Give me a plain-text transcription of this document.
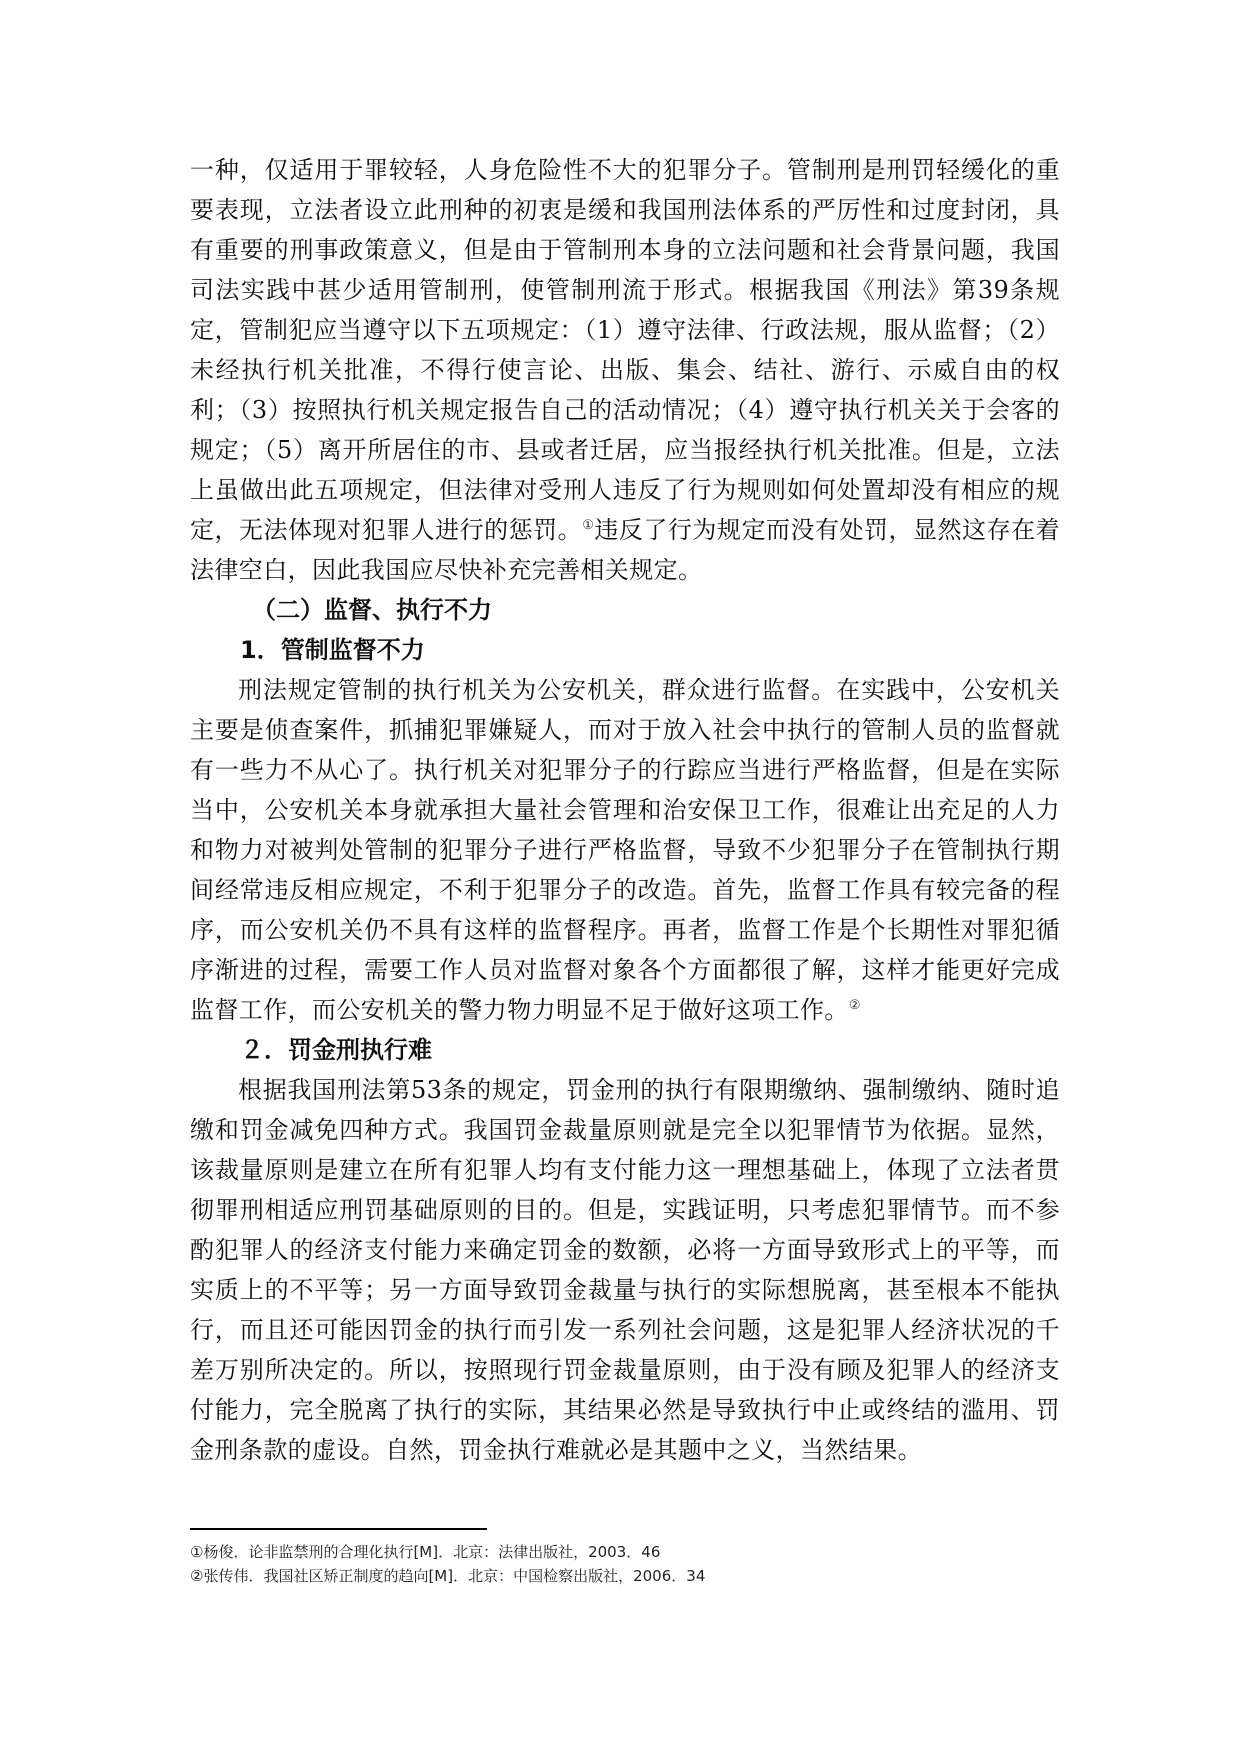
一种，仅适用于罪较轻，人身危险性不大的犯罪分子。管制刑是刑罚轻缓化的重要表现，立法者设立此刑种的初衷是缓和我国刑法体系的严厉性和过度封闭，具有重要的刑事政策意义，但是由于管制刑本身的立法问题和社会背景问题，我国司法实践中甚少适用管制刑，使管制刑流于形式。根据我国《刑法》第39条规定，管制犯应当遵守以下五项规定：（1）遵守法律、行政法规，服从监督；（2）未经执行机关批准，不得行使言论、出版、集会、结社、游行、示威自由的权利；（3）按照执行机关规定报告自己的活动情况；（4）遵守执行机关关于会客的规定；（5）离开所居住的市、县或者迁居，应当报经执行机关批准。但是，立法上虽做出此五项规定，但法律对受刑人违反了行为规则如何处置却没有相应的规定，无法体现对犯罪人进行的惩罚。①违反了行为规定而没有处罚，显然这存在着法律空白，因此我国应尽快补充完善相关规定。

（二）监督、执行不力

1．管制监督不力

刑法规定管制的执行机关为公安机关，群众进行监督。在实践中，公安机关主要是侦查案件，抓捕犯罪嫌疑人，而对于放入社会中执行的管制人员的监督就有一些力不从心了。执行机关对犯罪分子的行踪应当进行严格监督，但是在实际当中，公安机关本身就承担大量社会管理和治安保卫工作，很难让出充足的人力和物力对被判处管制的犯罪分子进行严格监督，导致不少犯罪分子在管制执行期间经常违反相应规定，不利于犯罪分子的改造。首先，监督工作具有较完备的程序，而公安机关仍不具有这样的监督程序。再者，监督工作是个长期性对罪犯循序渐进的过程，需要工作人员对监督对象各个方面都很了解，这样才能更好完成监督工作，而公安机关的警力物力明显不足于做好这项工作。②

２．罚金刑执行难

根据我国刑法第53条的规定，罚金刑的执行有限期缴纳、强制缴纳、随时追缴和罚金减免四种方式。我国罚金裁量原则就是完全以犯罪情节为依据。显然，该裁量原则是建立在所有犯罪人均有支付能力这一理想基础上，体现了立法者贯彻罪刑相适应刑罚基础原则的目的。但是，实践证明，只考虑犯罪情节。而不参酌犯罪人的经济支付能力来确定罚金的数额，必将一方面导致形式上的平等，而实质上的不平等；另一方面导致罚金裁量与执行的实际想脱离，甚至根本不能执行，而且还可能因罚金的执行而引发一系列社会问题，这是犯罪人经济状况的千差万别所决定的。所以，按照现行罚金裁量原则，由于没有顾及犯罪人的经济支付能力，完全脱离了执行的实际，其结果必然是导致执行中止或终结的滥用、罚金刑条款的虚设。自然，罚金执行难就必是其题中之义，当然结果。

①杨俊．论非监禁刑的合理化执行[M]．北京：法律出版社，2003．46

②张传伟．我国社区矫正制度的趋向[M]．北京：中国检察出版社，2006．34
